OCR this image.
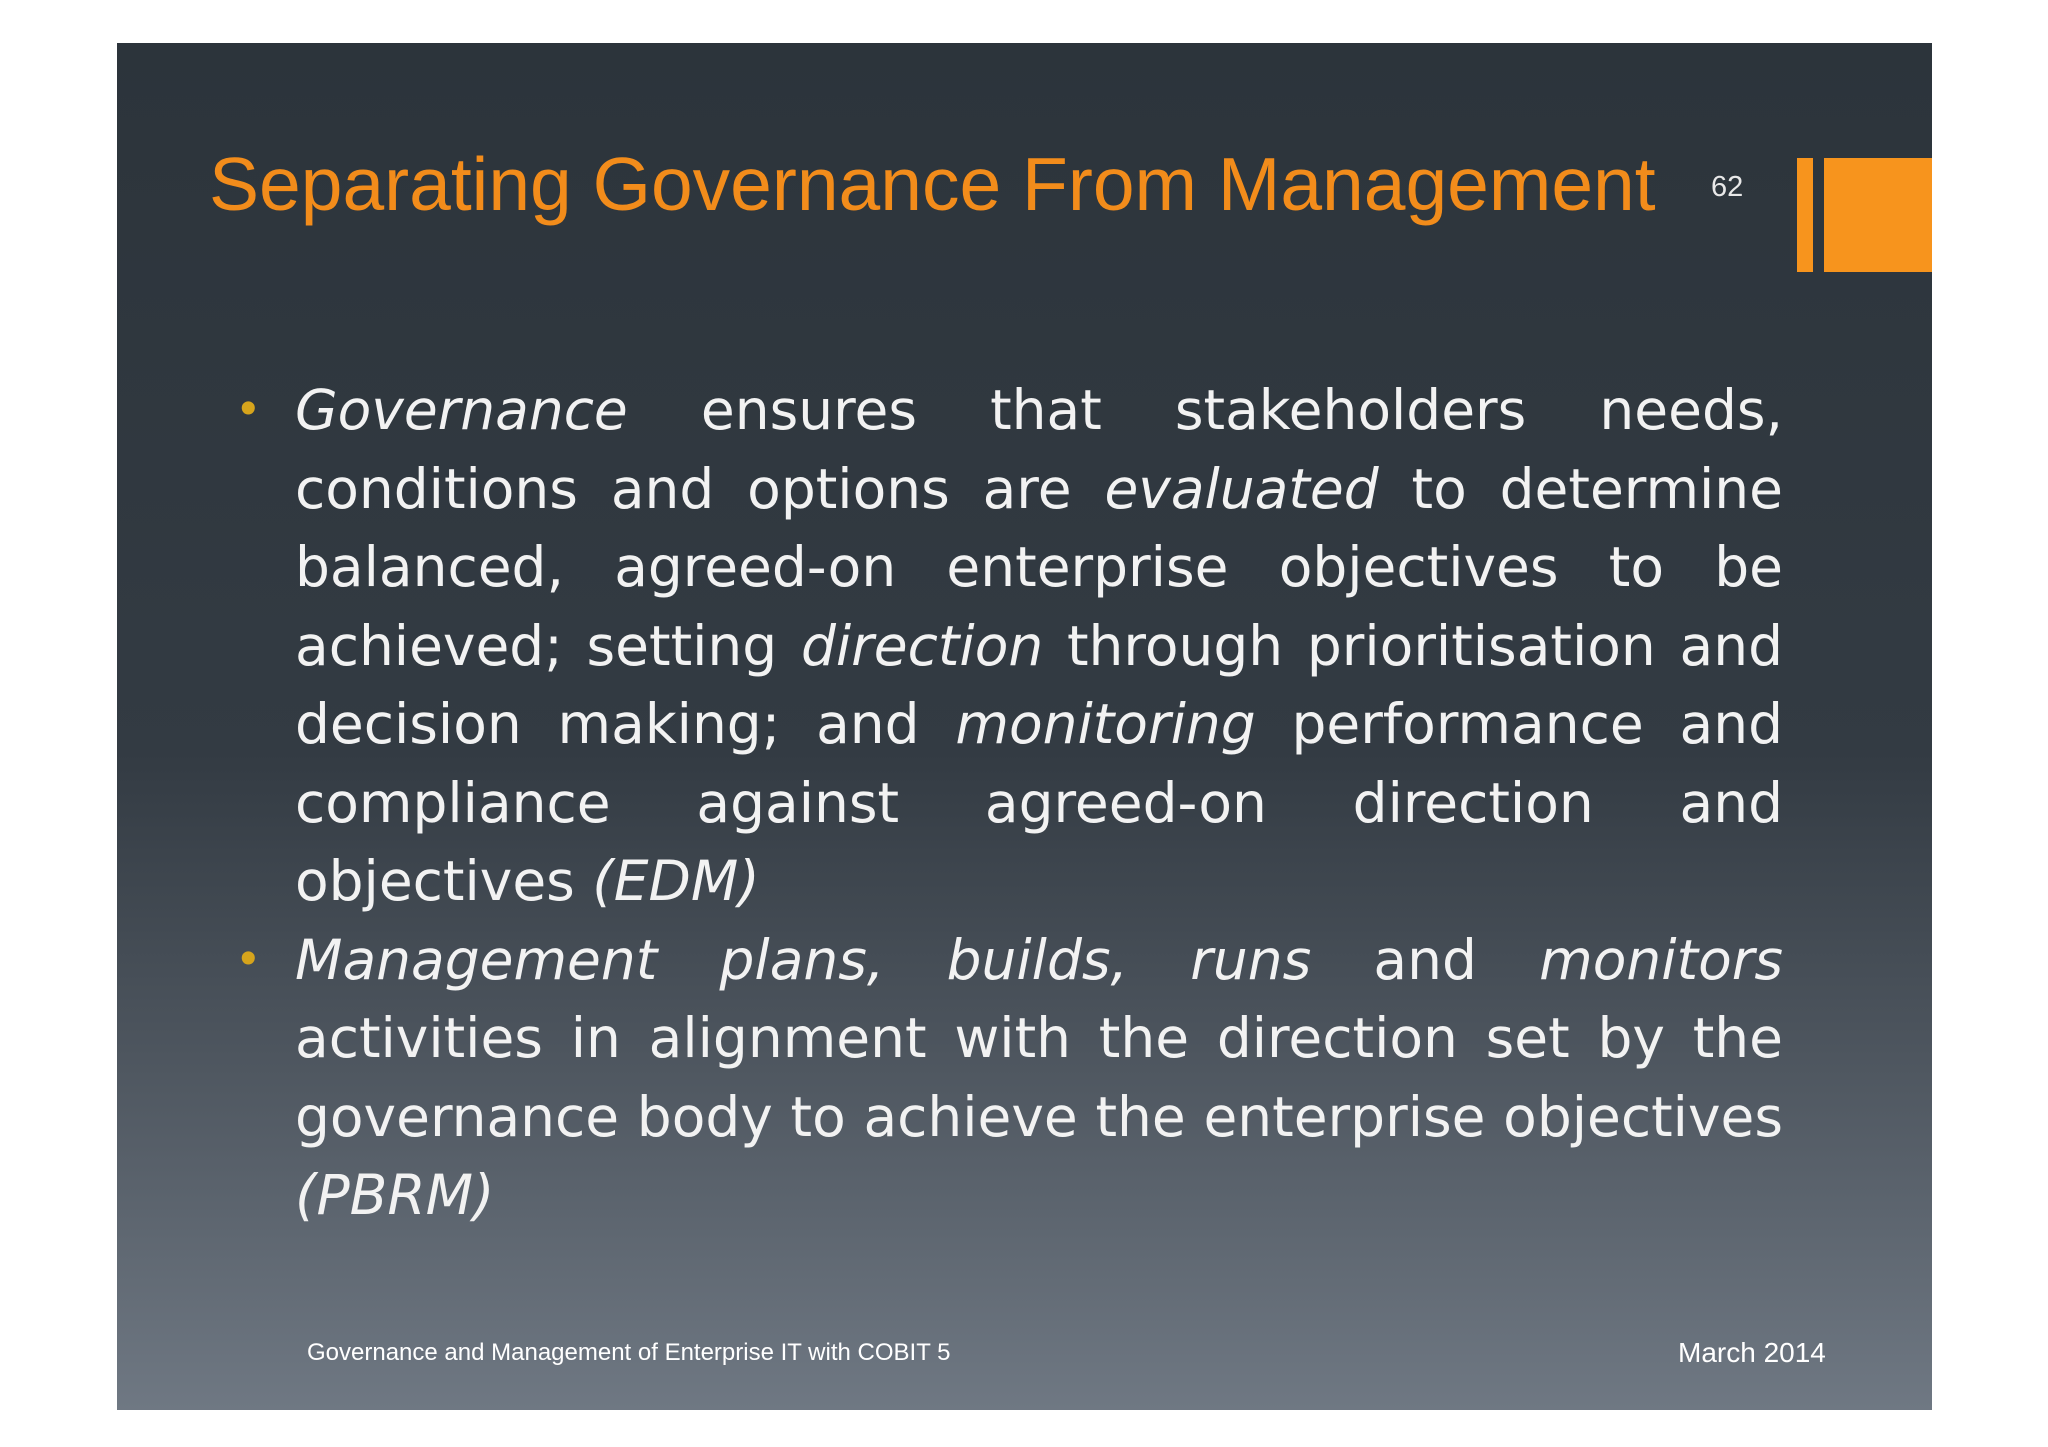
Separating Governance From Management 62
• Governance ensures that stakeholders needs, conditions and options are evaluated to determine balanced, agreed-on enterprise objectives to be achieved; setting direction through prioritisation and decision making; and monitoring performance and compliance against agreed-on direction and objectives (EDM)
• Management plans, builds, runs and monitors activities in alignment with the direction set by the governance body to achieve the enterprise objectives (PBRM)
Governance and Management of Enterprise IT with COBIT 5	March 2014
